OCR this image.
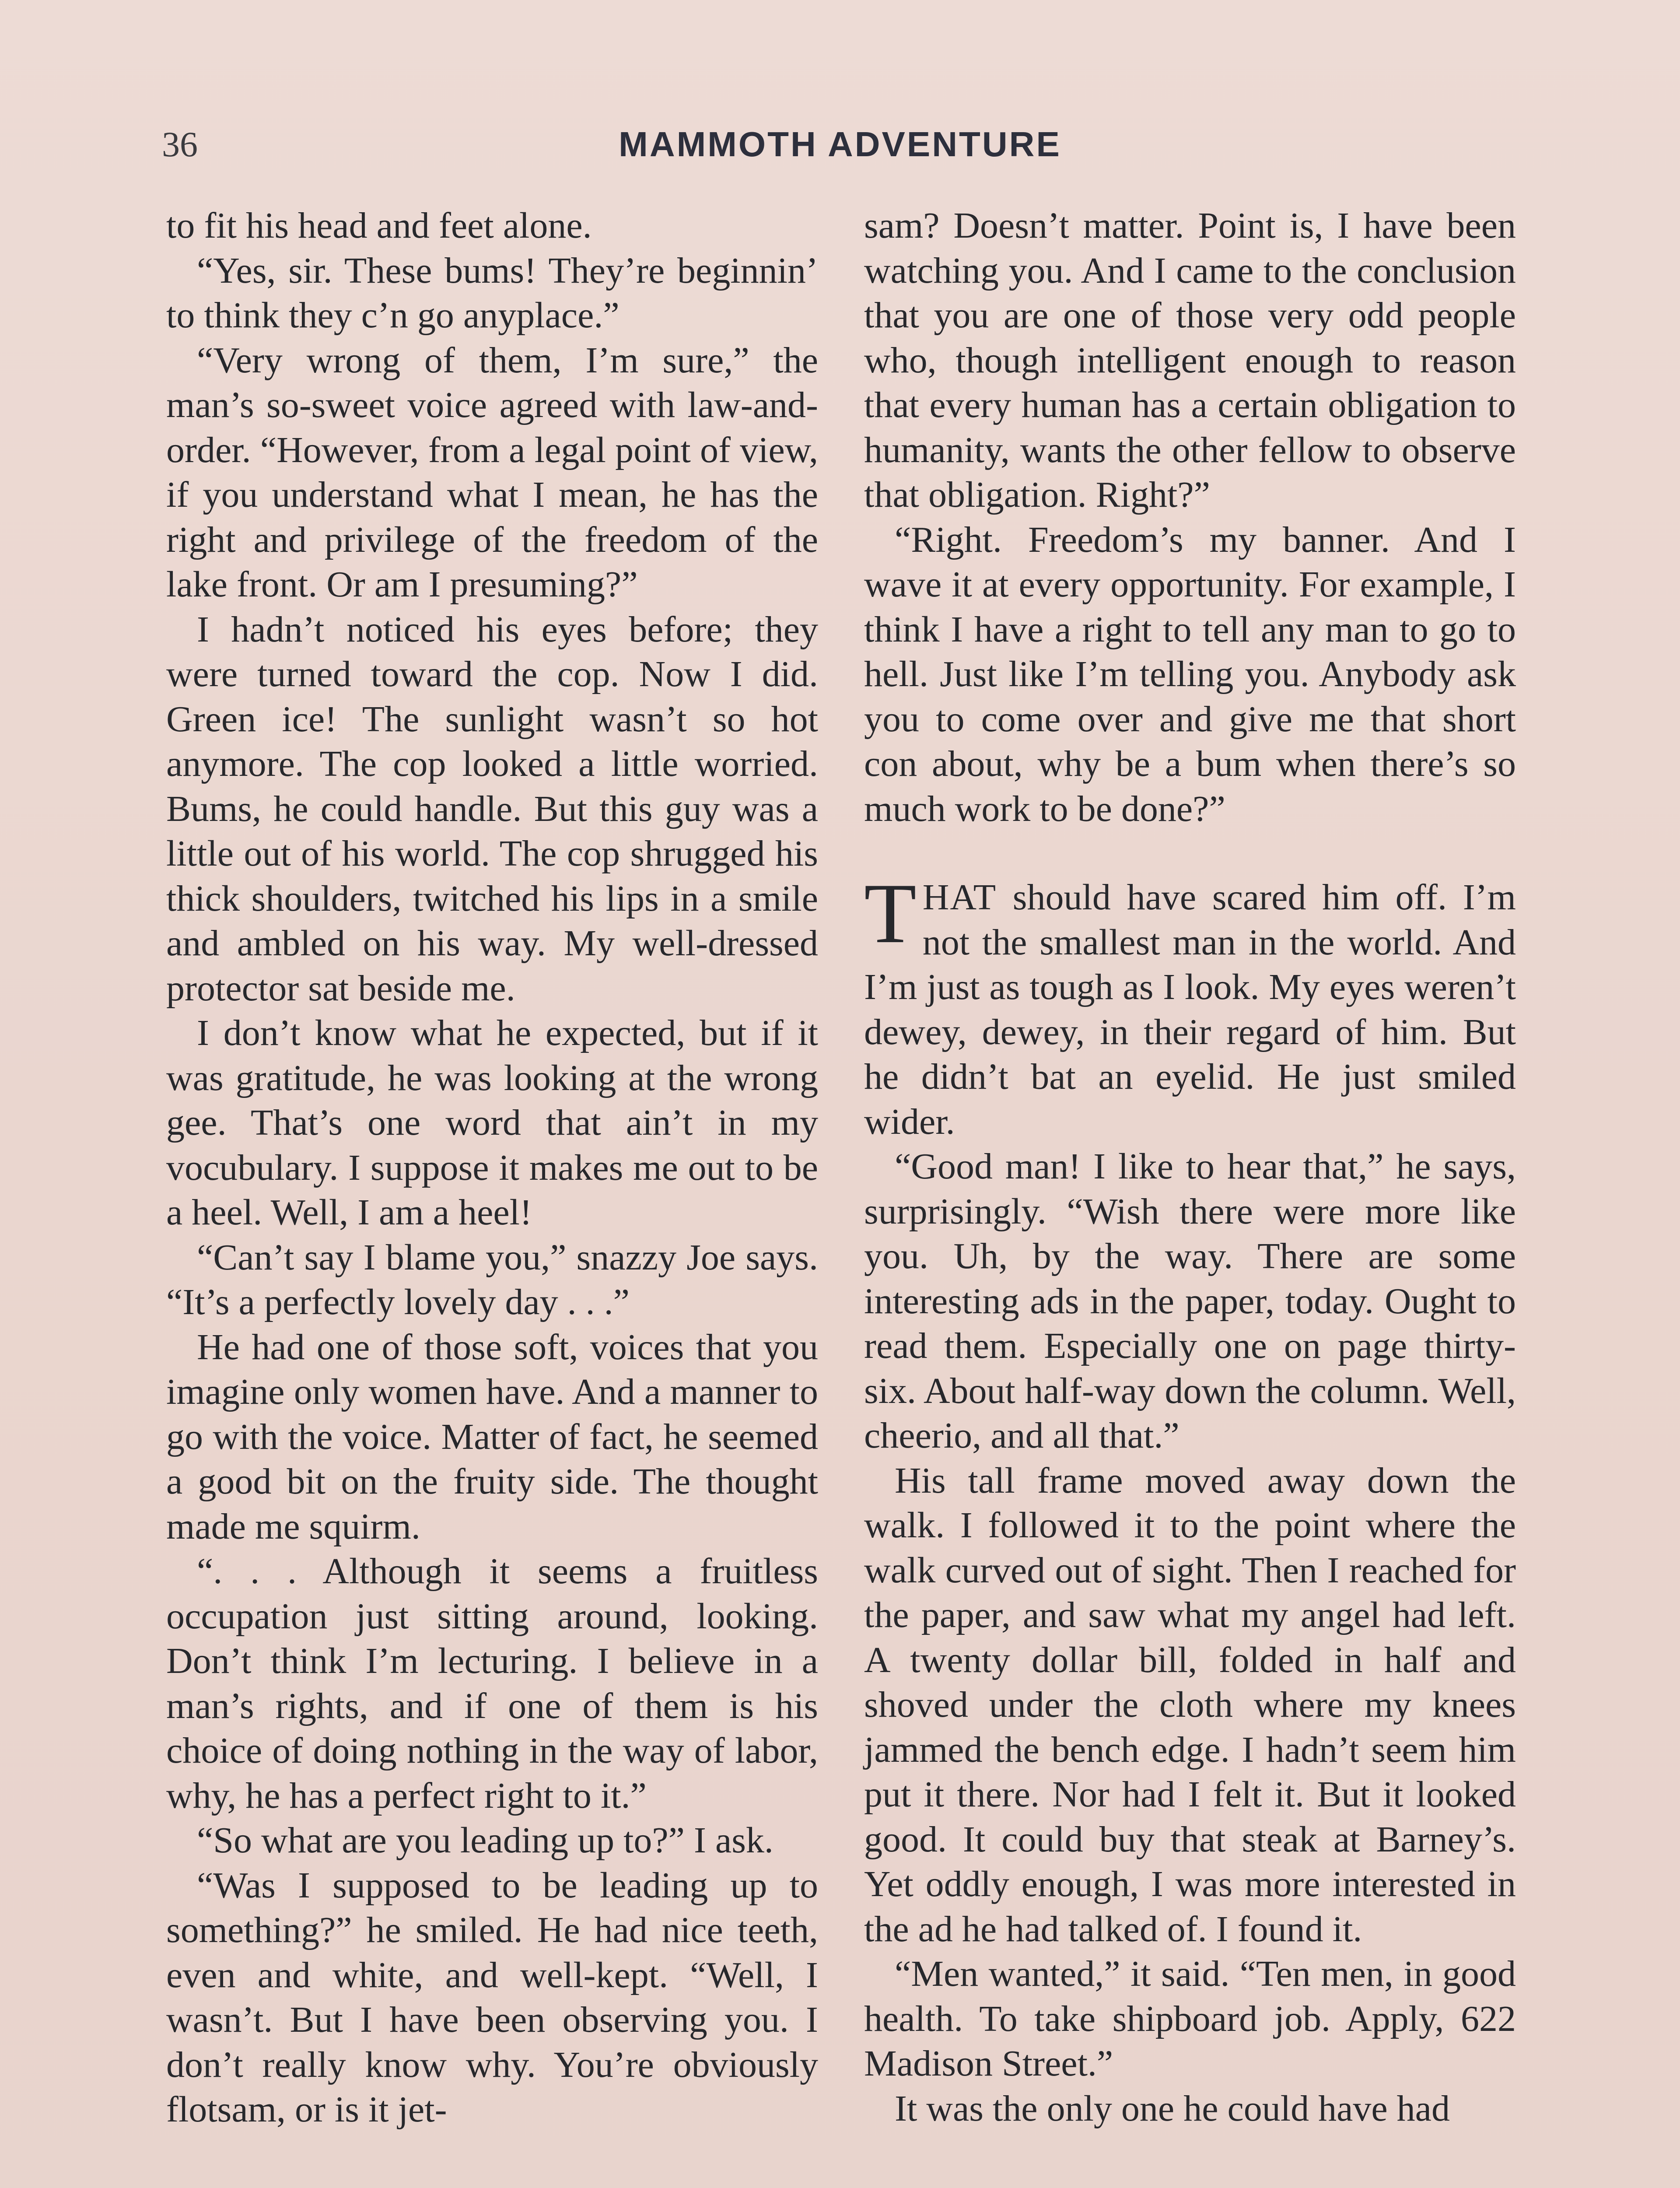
36	MAMMOTH ADVENTURE

to fit his head and feet alone.

“Yes, sir. These bums! They’re beginnin’ to think they c’n go anyplace.”

“Very wrong of them, I’m sure,” the man’s so-sweet voice agreed with law-and-order. “However, from a legal point of view, if you understand what I mean, he has the right and privilege of the freedom of the lake front. Or am I presuming?”

I hadn’t noticed his eyes before; they were turned toward the cop. Now I did. Green ice! The sunlight wasn’t so hot anymore. The cop looked a little worried. Bums, he could handle. But this guy was a little out of his world. The cop shrugged his thick shoulders, twitched his lips in a smile and ambled on his way. My well-dressed protector sat beside me.

I don’t know what he expected, but if it was gratitude, he was looking at the wrong gee. That’s one word that ain’t in my vocubulary. I suppose it makes me out to be a heel. Well, I am a heel!

“Can’t say I blame you,” snazzy Joe says. “It’s a perfectly lovely day . . .”

He had one of those soft, voices that you imagine only women have. And a manner to go with the voice. Matter of fact, he seemed a good bit on the fruity side. The thought made me squirm.

“. . . Although it seems a fruitless occupation just sitting around, looking. Don’t think I’m lecturing. I believe in a man’s rights, and if one of them is his choice of doing nothing in the way of labor, why, he has a perfect right to it.”

“So what are you leading up to?” I ask.

“Was I supposed to be leading up to something?” he smiled. He had nice teeth, even and white, and well-kept. “Well, I wasn’t. But I have been observing you. I don’t really know why. You’re obviously flotsam, or is it jet-

sam? Doesn’t matter. Point is, I have been watching you. And I came to the conclusion that you are one of those very odd people who, though intelligent enough to reason that every human has a certain obligation to humanity, wants the other fellow to observe that obligation. Right?”

“Right. Freedom’s my banner. And I wave it at every opportunity. For example, I think I have a right to tell any man to go to hell. Just like I’m telling you. Anybody ask you to come over and give me that short con about, why be a bum when there’s so much work to be done?”

THAT should have scared him off. I’m not the smallest man in the world. And I’m just as tough as I look. My eyes weren’t dewey, dewey, in their regard of him. But he didn’t bat an eyelid. He just smiled wider.

“Good man! I like to hear that,” he says, surprisingly. “Wish there were more like you. Uh, by the way. There are some interesting ads in the paper, today. Ought to read them. Especially one on page thirty-six. About half-way down the column. Well, cheerio, and all that.”

His tall frame moved away down the walk. I followed it to the point where the walk curved out of sight. Then I reached for the paper, and saw what my angel had left. A twenty dollar bill, folded in half and shoved under the cloth where my knees jammed the bench edge. I hadn’t seem him put it there. Nor had I felt it. But it looked good. It could buy that steak at Barney’s. Yet oddly enough, I was more interested in the ad he had talked of. I found it.

“Men wanted,” it said. “Ten men, in good health. To take shipboard job. Apply, 622 Madison Street.”

It was the only one he could have had
